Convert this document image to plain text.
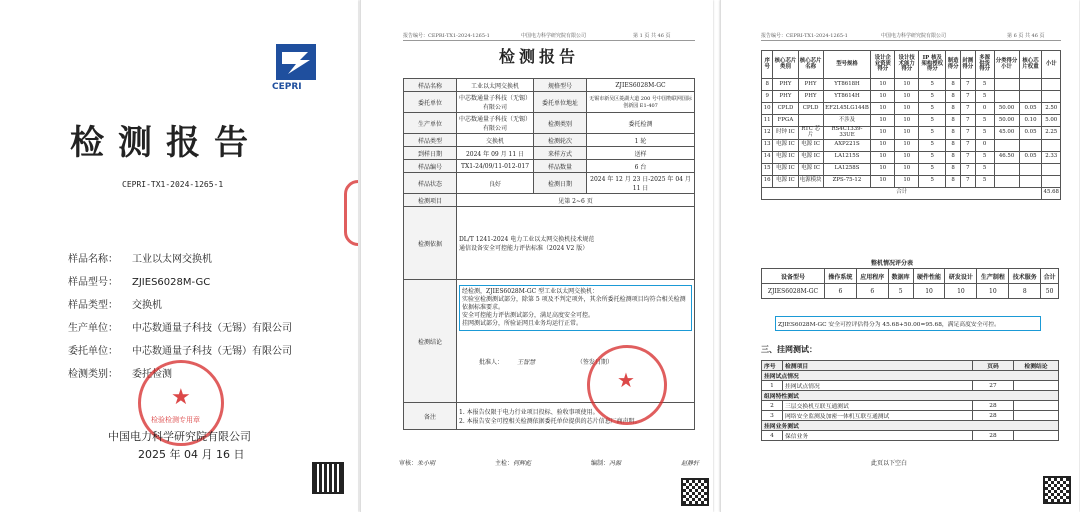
CEPRI
检测报告
CEPRI-TX1-2024-1265-1
样品名称： 工业以太网交换机
样品型号： ZJIES6028M-GC
样品类型： 交换机
生产单位： 中芯数通量子科技（无锡）有限公司
委托单位： 中芯数通量子科技（无锡）有限公司
检测类别： 委托检测
★
检验检测专用章
中国电力科学研究院有限公司
2025 年 04 月 16 日
报告编号：CEPRI-TX1-2024-1265-1	中国电力科学研究院有限公司	第 1 页 共 46 页
检测报告
样品名称	工业以太网交换机	规格型号	ZJIES6028M-GC
委托单位	中芯数通量子科技（无锡）有限公司	委托单位地址	无锡市新吴区菱湖大道 200 号中国物联网国际创新园 E1-407
生产单位	中芯数通量子科技（无锡）有限公司	检测类别	委托检测
样品类型	交换机	检测轮次	1 轮
到样日期	2024 年 09 月 11 日	来样方式	送样
样品编号	TX1-24/09/11-012-017	样品数量	6 台
样品状态	良好	检测日期	2024 年 12 月 23 日-2025 年 04 月 11 日
检测项目	见第 2~6 页		
检测依据	DL/T 1241-2024 电力工业以太网交换机技术规范
通信设备安全可控能力评估标准（2024 V2 版）		

检测结论	经检测，ZJIES6028M-GC 型工业以太网交换机：
实验室检测测试部分，除第 5 项及不判定项外，其余所委托检测项目均符合相关检测依据标准要求。
安全可控能力评估测试部分，满足高度安全可控。
挂网测试部分，所验证网且业务均运行正常。
批准人： 王智慧 （签发日期）		

备注	1. 本报告仅限于电力行业项目投标、验收事项使用。
2. 本报告安全可控相关检测依据委托单位提供的芯片信息厂商声明。		
★
审核：朱小明	主检：何辉彪	编制：冯源	赵静轩
报告编号：CEPRI-TX1-2024-1265-1	中国电力科学研究院有限公司	第 6 页 共 46 页
序号	核心芯片类别	核心芯片名称	型号规格	设计企业资质得分	设计技术能力得分	IP 核及架构授权得分	制造得分	封测得分	多源供货得分	分类得分小计	核心芯片权重	小计
8	PHY	PHY	YT8618H	10	10	5	8	7	5			
9	PHY	PHY	YT8614H	10	10	5	8	7	5			
10	CPLD	CPLD	EF2L45LG144B	10	10	5	8	7	0	50.00	0.05	2.50
11	FPGA		不涉及	10	10	5	8	7	5	50.00	0.10	5.00
12	时钟 IC	RTC 芯片	RS4C1339-33UE	10	10	5	8	7	5	45.00	0.05	2.25
13	电源 IC	电源 IC	AXP221S	10	10	5	8	7	0			
14	电源 IC	电源 IC	LA1215S	10	10	5	8	7	5	46.50	0.05	2.33
15	电源 IC	电源 IC	LA1258S	10	10	5	8	7	5			
16	电源 IC	电源模块	ZPS-75-12	10	10	5	8	7	5			
合计												45.68
整机情况评分表
设备型号	操作系统	应用程序	数据库	硬件性能	研发设计	生产制程	技术服务	合计
ZJIES6028M-GC	6	6	5	10	10	10	8	50
ZJIES6028M-GC 安全可控评估得分为 45.68+50.00=95.68，满足高度安全可控。
三、挂网测试：
序号	检测项目	页码	检测结论
挂网试点情况			
1	挂网试点情况	27	
组网特性测试			
2	三层交换机互联互通测试	28	
3	网络安全监测及加密一体机互联互通测试	28	
挂网业务测试			
4	保信业务	28	
此页以下空白
